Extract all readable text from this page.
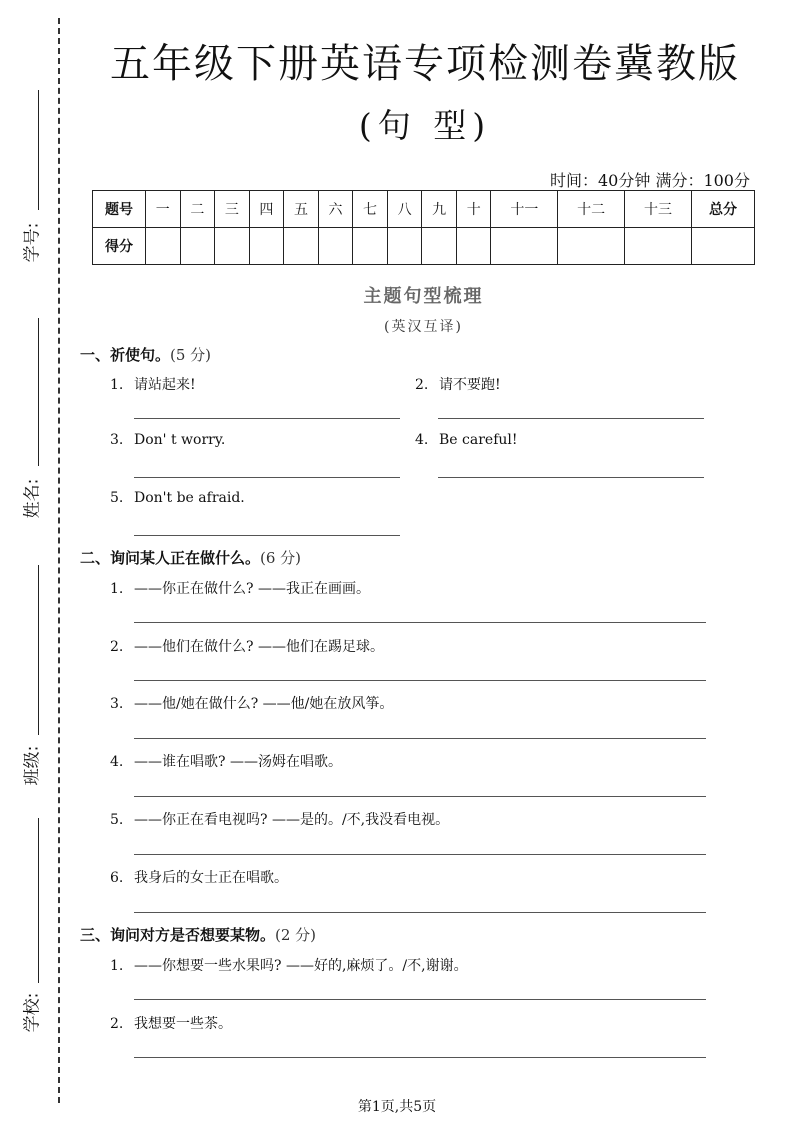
学号:
姓名:
班级:
学校:
五年级下册英语专项检测卷冀教版
(句 型)
时间：40分钟 满分：100分
题号	一	二	三	四	五	六	七	八	九	十	十一	十二	十三	总分
得分														
主题句型梳理
(英汉互译)
一、祈使句。(5 分)
1. 请站起来!	2. 请不要跑!
3. Don' t worry.	4. Be careful!
5. Don't be afraid.
二、询问某人正在做什么。(6 分)
1. ——你正在做什么? ——我正在画画。
2. ——他们在做什么? ——他们在踢足球。
3. ——他/她在做什么? ——他/她在放风筝。
4. ——谁在唱歌? ——汤姆在唱歌。
5. ——你正在看电视吗? ——是的。/不,我没看电视。
6. 我身后的女士正在唱歌。
三、询问对方是否想要某物。(2 分)
1. ——你想要一些水果吗? ——好的,麻烦了。/不,谢谢。
2. 我想要一些茶。
第1页,共5页
